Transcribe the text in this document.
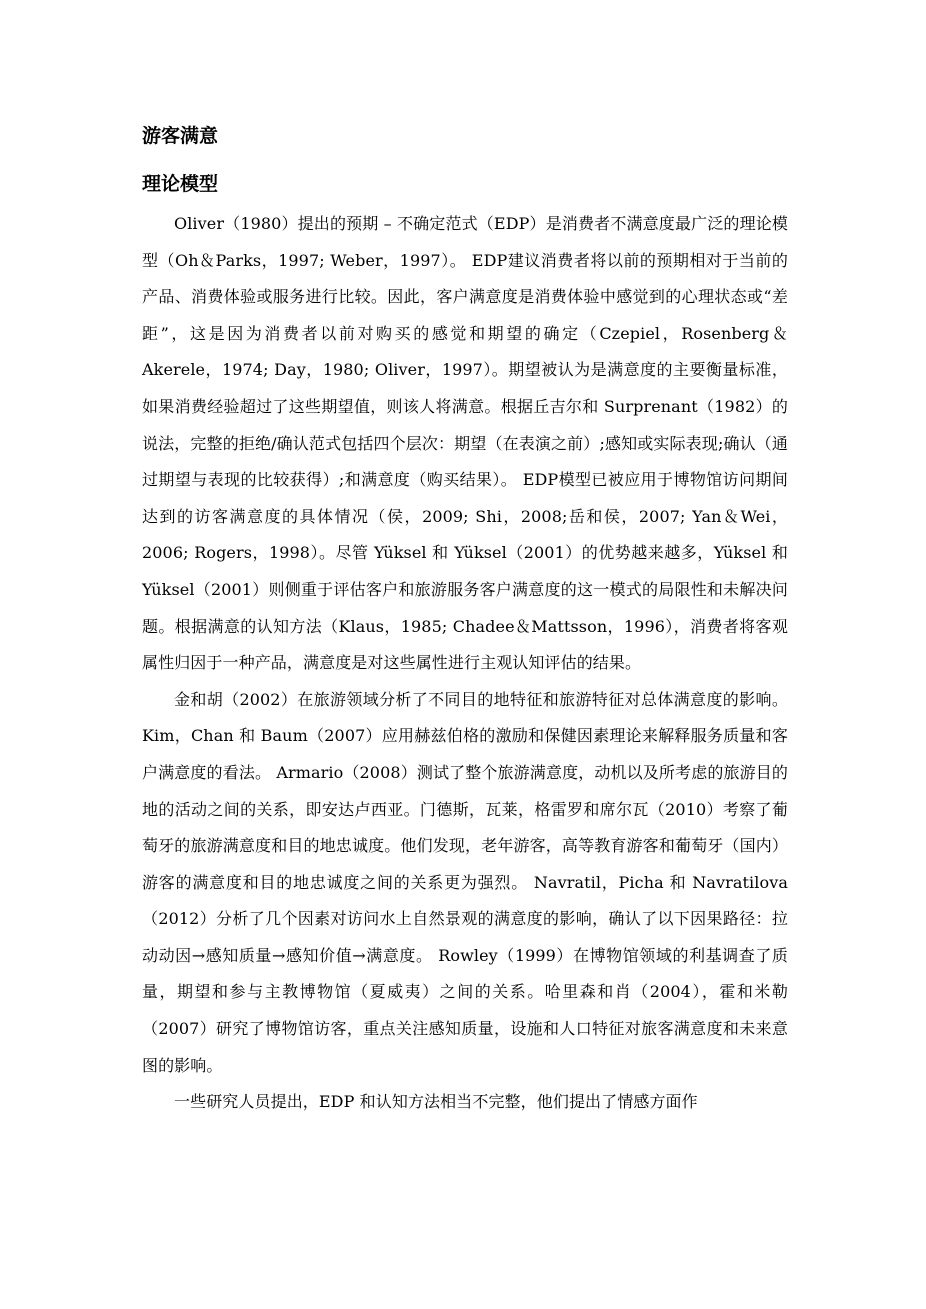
游客满意
理论模型

Oliver（1980）提出的预期 – 不确定范式（EDP）是消费者不满意度最广泛的理论模型（Oh＆Parks，1997; Weber，1997）。 EDP建议消费者将以前的预期相对于当前的产品、消费体验或服务进行比较。因此，客户满意度是消费体验中感觉到的心理状态或“差距”，这是因为消费者以前对购买的感觉和期望的确定（Czepiel，Rosenberg＆Akerele，1974; Day，1980; Oliver，1997）。期望被认为是满意度的主要衡量标准，如果消费经验超过了这些期望值，则该人将满意。根据丘吉尔和 Surprenant（1982）的说法，完整的拒绝/确认范式包括四个层次：期望（在表演之前）;感知或实际表现;确认（通过期望与表现的比较获得）;和满意度（购买结果）。 EDP模型已被应用于博物馆访问期间达到的访客满意度的具体情况（侯，2009; Shi，2008;岳和侯，2007; Yan＆Wei，2006; Rogers，1998）。尽管 Yüksel 和 Yüksel（2001）的优势越来越多，Yüksel 和 Yüksel（2001）则侧重于评估客户和旅游服务客户满意度的这一模式的局限性和未解决问题。根据满意的认知方法（Klaus，1985; Chadee＆Mattsson，1996），消费者将客观属性归因于一种产品，满意度是对这些属性进行主观认知评估的结果。

金和胡（2002）在旅游领域分析了不同目的地特征和旅游特征对总体满意度的影响。 Kim，Chan 和 Baum（2007）应用赫兹伯格的激励和保健因素理论来解释服务质量和客户满意度的看法。 Armario（2008）测试了整个旅游满意度，动机以及所考虑的旅游目的地的活动之间的关系，即安达卢西亚。门德斯，瓦莱，格雷罗和席尔瓦（2010）考察了葡萄牙的旅游满意度和目的地忠诚度。他们发现，老年游客，高等教育游客和葡萄牙（国内）游客的满意度和目的地忠诚度之间的关系更为强烈。 Navratil，Picha 和 Navratilova（2012）分析了几个因素对访问水上自然景观的满意度的影响，确认了以下因果路径：拉动动因→感知质量→感知价值→满意度。 Rowley（1999）在博物馆领域的利基调查了质量，期望和参与主教博物馆（夏威夷）之间的关系。哈里森和肖（2004），霍和米勒（2007）研究了博物馆访客，重点关注感知质量，设施和人口特征对旅客满意度和未来意图的影响。

一些研究人员提出，EDP 和认知方法相当不完整，他们提出了情感方面作
